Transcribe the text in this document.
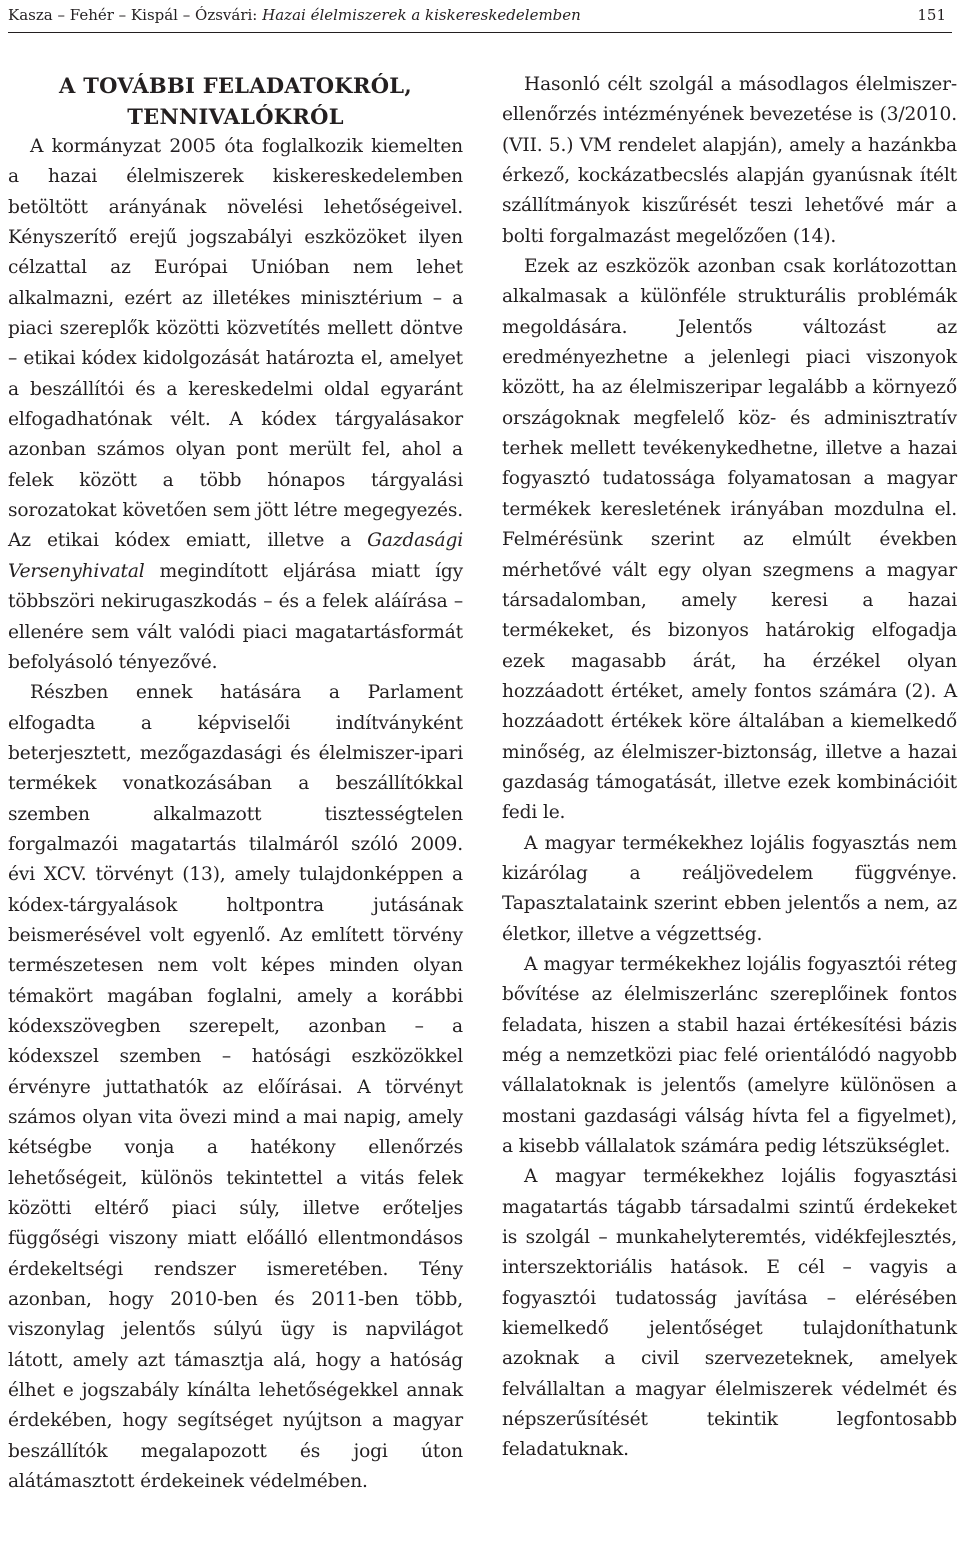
Kasza – Fehér – Kispál – Ózsvári: Hazai élelmiszerek a kiskereskedelemben	151
A TOVÁBBI FELADATOKRÓL, TENNIVALÓKRÓL

A kormányzat 2005 óta foglalkozik kiemelten a hazai élelmiszerek kiskereskedelemben betöltött arányának növelési lehetőségeivel. Kényszerítő erejű jogszabályi eszközöket ilyen célzattal az Európai Unióban nem lehet alkalmazni, ezért az illetékes minisztérium – a piaci szereplők közötti közvetítés mellett döntve – etikai kódex kidolgozását határozta el, amelyet a beszállítói és a kereskedelmi oldal egyaránt elfogadhatónak vélt. A kódex tárgyalásakor azonban számos olyan pont merült fel, ahol a felek között a több hónapos tárgyalási sorozatokat követően sem jött létre megegyezés. Az etikai kódex emiatt, illetve a Gazdasági Versenyhivatal megindított eljárása miatt így többszöri nekirugaszkodás – és a felek aláírása – ellenére sem vált valódi piaci magatartásformát befolyásoló tényezővé.

Részben ennek hatására a Parlament elfogadta a képviselői indítványként beterjesztett, mezőgazdasági és élelmiszer-ipari termékek vonatkozásában a beszállítókkal szemben alkalmazott tisztességtelen forgalmazói magatartás tilalmáról szóló 2009. évi XCV. törvényt (13), amely tulajdonképpen a kódex-tárgyalások holtpontra jutásának beismerésével volt egyenlő. Az említett törvény természetesen nem volt képes minden olyan témakört magában foglalni, amely a korábbi kódexszövegben szerepelt, azonban – a kódexszel szemben – hatósági eszközökkel érvényre juttathatók az előírásai. A törvényt számos olyan vita övezi mind a mai napig, amely kétségbe vonja a hatékony ellenőrzés lehetőségeit, különös tekintettel a vitás felek közötti eltérő piaci súly, illetve erőteljes függőségi viszony miatt előálló ellentmondásos érdekeltségi rendszer ismeretében. Tény azonban, hogy 2010-ben és 2011-ben több, viszonylag jelentős súlyú ügy is napvilágot látott, amely azt támasztja alá, hogy a hatóság élhet e jogszabály kínálta lehetőségekkel annak érdekében, hogy segítséget nyújtson a magyar beszállítók megalapozott és jogi úton alátámasztott érdekeinek védelmében.

Hasonló célt szolgál a másodlagos élelmiszer-ellenőrzés intézményének bevezetése is (3/2010. (VII. 5.) VM rendelet alapján), amely a hazánkba érkező, kockázatbecslés alapján gyanúsnak ítélt szállítmányok kiszűrését teszi lehetővé már a bolti forgalmazást megelőzően (14).

Ezek az eszközök azonban csak korlátozottan alkalmasak a különféle strukturális problémák megoldására. Jelentős változást az eredményezhetne a jelenlegi piaci viszonyok között, ha az élelmiszeripar legalább a környező országoknak megfelelő köz- és adminisztratív terhek mellett tevékenykedhetne, illetve a hazai fogyasztó tudatossága folyamatosan a magyar termékek keresletének irányában mozdulna el. Felmérésünk szerint az elmúlt években mérhetővé vált egy olyan szegmens a magyar társadalomban, amely keresi a hazai termékeket, és bizonyos határokig elfogadja ezek magasabb árát, ha érzékel olyan hozzáadott értéket, amely fontos számára (2). A hozzáadott értékek köre általában a kiemelkedő minőség, az élelmiszer-biztonság, illetve a hazai gazdaság támogatását, illetve ezek kombinációit fedi le.

A magyar termékekhez lojális fogyasztás nem kizárólag a reáljövedelem függvénye. Tapasztalataink szerint ebben jelentős a nem, az életkor, illetve a végzettség.

A magyar termékekhez lojális fogyasztói réteg bővítése az élelmiszerlánc szereplőinek fontos feladata, hiszen a stabil hazai értékesítési bázis még a nemzetközi piac felé orientálódó nagyobb vállalatoknak is jelentős (amelyre különösen a mostani gazdasági válság hívta fel a figyelmet), a kisebb vállalatok számára pedig létszükséglet.

A magyar termékekhez lojális fogyasztási magatartás tágabb társadalmi szintű érdekeket is szolgál – munkahelyteremtés, vidékfejlesztés, interszektoriális hatások. E cél – vagyis a fogyasztói tudatosság javítása – elérésében kiemelkedő jelentőséget tulajdoníthatunk azoknak a civil szervezeteknek, amelyek felvállaltan a magyar élelmiszerek védelmét és népszerűsítését tekintik legfontosabb feladatuknak.
